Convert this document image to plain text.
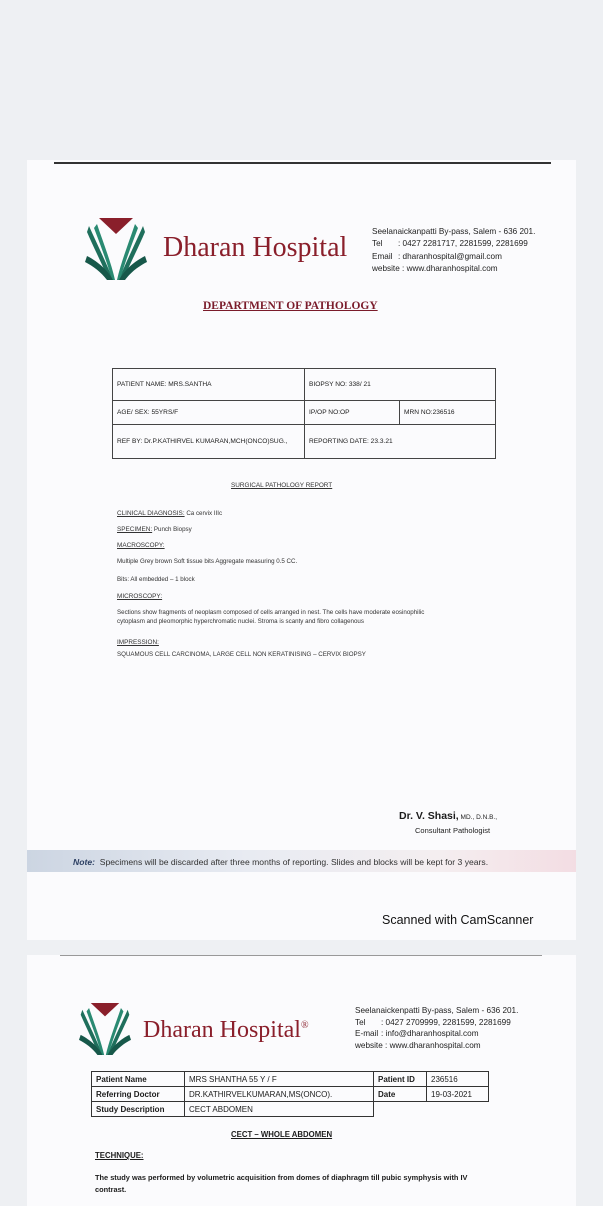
Dharan Hospital
Seelanaickanpatti By-pass, Salem - 636 201.
Tel : 0427 2281717, 2281599, 2281699
Email : dharanhospital@gmail.com
website : www.dharanhospital.com
DEPARTMENT OF PATHOLOGY
PATIENT NAME: MRS.SANTHA	BIOPSY NO: 338/ 21	
AGE/ SEX: 55YRS/F	IP/OP NO:OP	MRN NO:236516
REF BY: Dr.P.KATHIRVEL KUMARAN,MCH(ONCO)SUG.,	REPORTING DATE: 23.3.21	
SURGICAL PATHOLOGY REPORT
CLINICAL DIAGNOSIS: Ca cervix IIIc
SPECIMEN: Punch Biopsy
MACROSCOPY:
Multiple Grey brown Soft tissue bits Aggregate measuring 0.5 CC.
Bits: All embedded – 1 block
MICROSCOPY:
Sections show fragments of neoplasm composed of cells arranged in nest. The cells have moderate eosinophilic
cytoplasm and pleomorphic hyperchromatic nuclei. Stroma is scanty and fibro collagenous
IMPRESSION:
SQUAMOUS CELL CARCINOMA, LARGE CELL NON KERATINISING – CERVIX BIOPSY
Dr. V. Shasi, MD., D.N.B.,
Consultant Pathologist
Note: Specimens will be discarded after three months of reporting. Slides and blocks will be kept for 3 years.
Scanned with CamScanner
Dharan Hospital®
Seelanaickenpatti By-pass, Salem - 636 201.
Tel : 0427 2709999, 2281599, 2281699
E-mail : info@dharanhospital.com
website : www.dharanhospital.com
Patient Name	MRS SHANTHA 55 Y / F	Patient ID	236516
Referring Doctor	DR.KATHIRVELKUMARAN,MS(ONCO).	Date	19-03-2021
Study Description	CECT ABDOMEN		
CECT – WHOLE ABDOMEN
TECHNIQUE:
The study was performed by volumetric acquisition from domes of diaphragm till pubic symphysis with IV
contrast.
